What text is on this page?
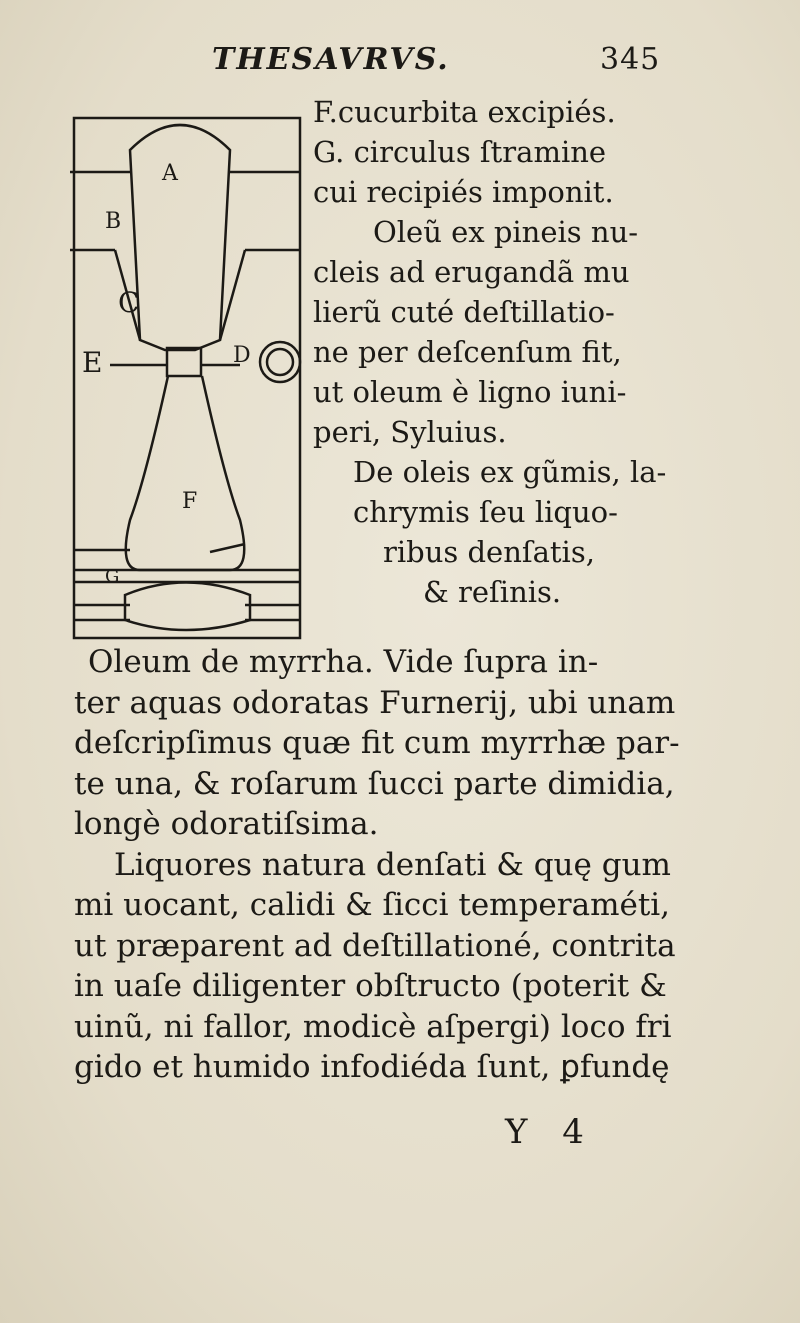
THESAVRVS.	345
A
B
C
E	D
F
G
F.cucurbita excipiés.
G. circulus ſtramine
cui recipiés imponit.
Oleũ ex pineis nu-
cleis ad erugandã mu
lierũ cuté deſtillatio-
ne per deſcenſum fit,
ut oleum è ligno iuni-
peri, Syluius.
De oleis ex gũmis, la-
chrymis ſeu liquo-
ribus denſatis,
& reſinis.
Oleum de myrrha. Vide ſupra in-
ter aquas odoratas Furnerij, ubi unam
deſcripſimus quæ fit cum myrrhæ par-
te una, & roſarum ſucci parte dimidia,
longè odoratiſsima.
Liquores natura denſati & quę gum
mi uocant, calidi & ſicci temperaméti,
ut præparent ad deſtillationé, contrita
in uaſe diligenter obſtructo (poterit &
uinũ, ni fallor, modicè aſpergi) loco fri
gido et humido infodiéda ſunt, ꝑfundę
Y 4
